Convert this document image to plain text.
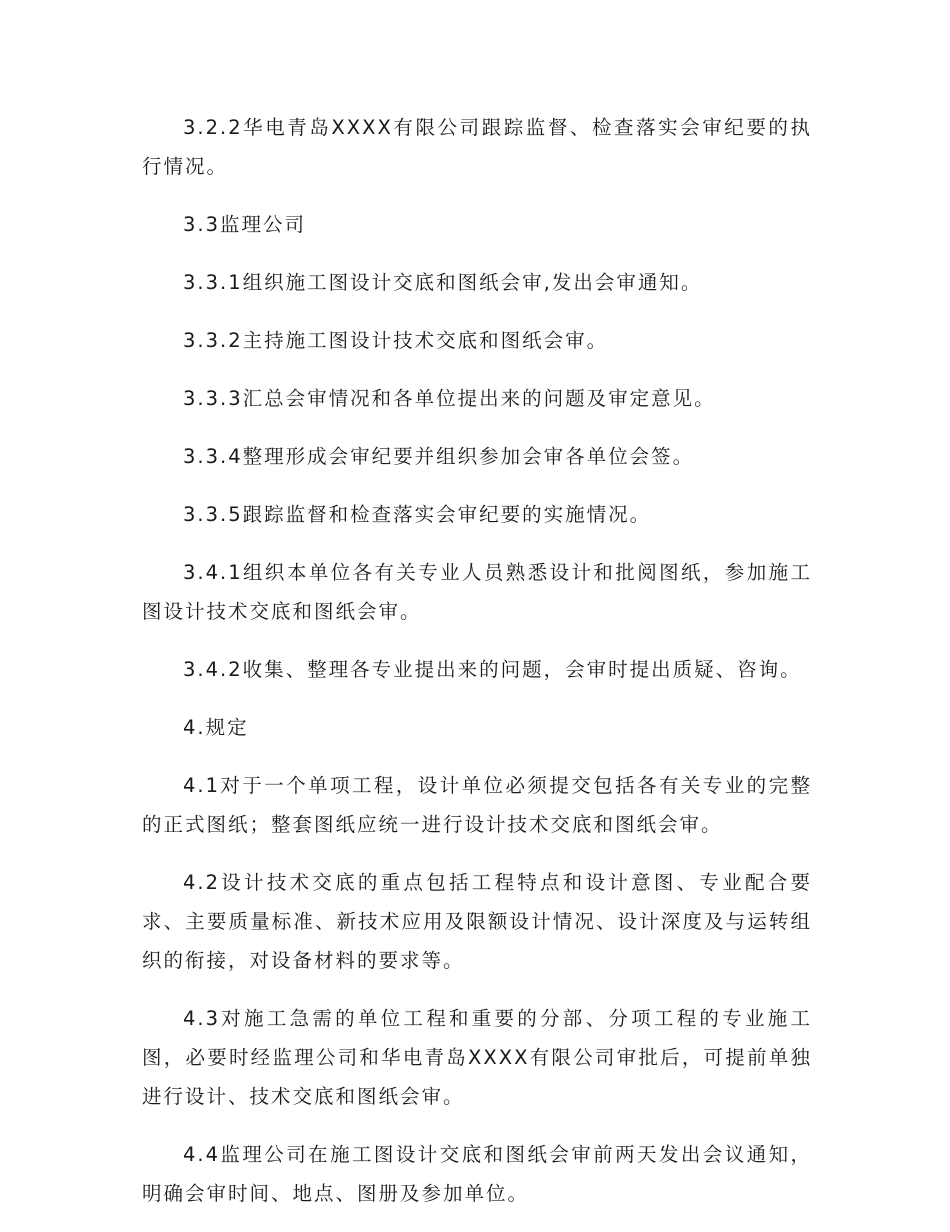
3.2.2华电青岛XXXX有限公司跟踪监督、检查落实会审纪要的执行情况。

3.3监理公司

3.3.1组织施工图设计交底和图纸会审,发出会审通知。

3.3.2主持施工图设计技术交底和图纸会审。

3.3.3汇总会审情况和各单位提出来的问题及审定意见。

3.3.4整理形成会审纪要并组织参加会审各单位会签。

3.3.5跟踪监督和检查落实会审纪要的实施情况。

3.4.1组织本单位各有关专业人员熟悉设计和批阅图纸，参加施工图设计技术交底和图纸会审。

3.4.2收集、整理各专业提出来的问题，会审时提出质疑、咨询。

4.规定

4.1对于一个单项工程，设计单位必须提交包括各有关专业的完整的正式图纸；整套图纸应统一进行设计技术交底和图纸会审。

4.2设计技术交底的重点包括工程特点和设计意图、专业配合要求、主要质量标准、新技术应用及限额设计情况、设计深度及与运转组织的衔接，对设备材料的要求等。

4.3对施工急需的单位工程和重要的分部、分项工程的专业施工图，必要时经监理公司和华电青岛XXXX有限公司审批后，可提前单独进行设计、技术交底和图纸会审。

4.4监理公司在施工图设计交底和图纸会审前两天发出会议通知，明确会审时间、地点、图册及参加单位。
